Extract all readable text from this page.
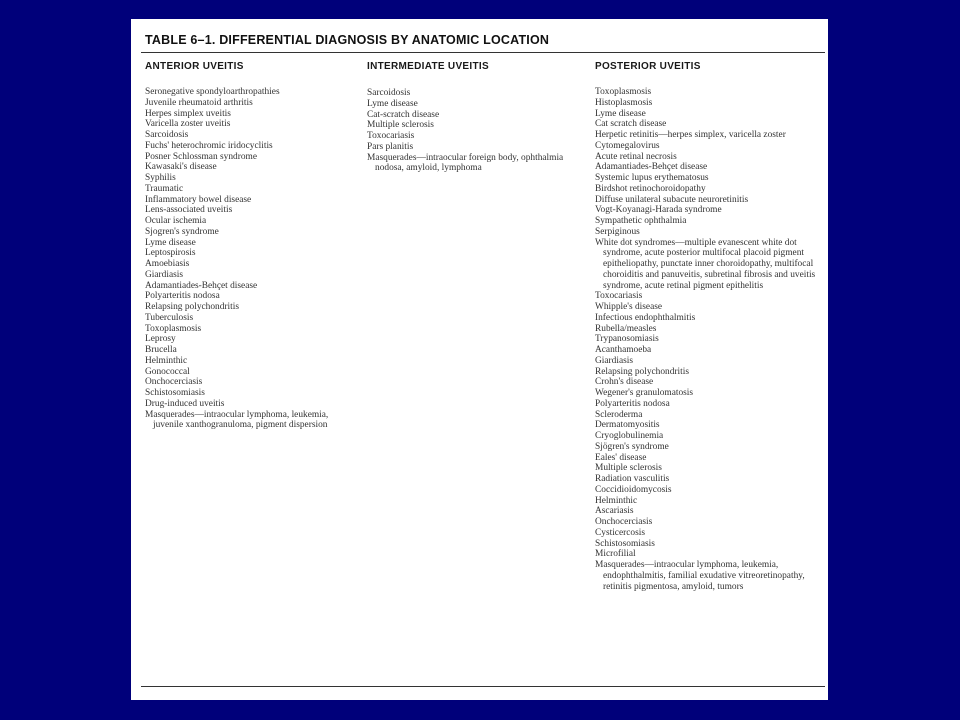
TABLE 6–1. DIFFERENTIAL DIAGNOSIS BY ANATOMIC LOCATION
ANTERIOR UVEITIS
Seronegative spondyloarthropathies
Juvenile rheumatoid arthritis
Herpes simplex uveitis
Varicella zoster uveitis
Sarcoidosis
Fuchs' heterochromic iridocyclitis
Posner Schlossman syndrome
Kawasaki's disease
Syphilis
Traumatic
Inflammatory bowel disease
Lens-associated uveitis
Ocular ischemia
Sjogren's syndrome
Lyme disease
Leptospirosis
Amoebiasis
Giardiasis
Adamantiades-Behçet disease
Polyarteritis nodosa
Relapsing polychondritis
Tuberculosis
Toxoplasmosis
Leprosy
Brucella
Helminthic
Gonococcal
Onchocerciasis
Schistosomiasis
Drug-induced uveitis
Masquerades—intraocular lymphoma, leukemia, juvenile xanthogranuloma, pigment dispersion
INTERMEDIATE UVEITIS
Sarcoidosis
Lyme disease
Cat-scratch disease
Multiple sclerosis
Toxocariasis
Pars planitis
Masquerades—intraocular foreign body, ophthalmia nodosa, amyloid, lymphoma
POSTERIOR UVEITIS
Toxoplasmosis
Histoplasmosis
Lyme disease
Cat scratch disease
Herpetic retinitis—herpes simplex, varicella zoster
Cytomegalovirus
Acute retinal necrosis
Adamantiades-Behçet disease
Systemic lupus erythematosus
Birdshot retinochoroidopathy
Diffuse unilateral subacute neuroretinitis
Vogt-Koyanagi-Harada syndrome
Sympathetic ophthalmia
Serpiginous
White dot syndromes—multiple evanescent white dot syndrome, acute posterior multifocal placoid pigment epitheliopathy, punctate inner choroidopathy, multifocal choroiditis and panuveitis, subretinal fibrosis and uveitis syndrome, acute retinal pigment epithelitis
Toxocariasis
Whipple's disease
Infectious endophthalmitis
Rubella/measles
Trypanosomiasis
Acanthamoeba
Giardiasis
Relapsing polychondritis
Crohn's disease
Wegener's granulomatosis
Polyarteritis nodosa
Scleroderma
Dermatomyositis
Cryoglobulinemia
Sjögren's syndrome
Eales' disease
Multiple sclerosis
Radiation vasculitis
Coccidioidomycosis
Helminthic
Ascariasis
Onchocerciasis
Cysticercosis
Schistosomiasis
Microfilial
Masquerades—intraocular lymphoma, leukemia, endophthalmitis, familial exudative vitreoretinopathy, retinitis pigmentosa, amyloid, tumors
